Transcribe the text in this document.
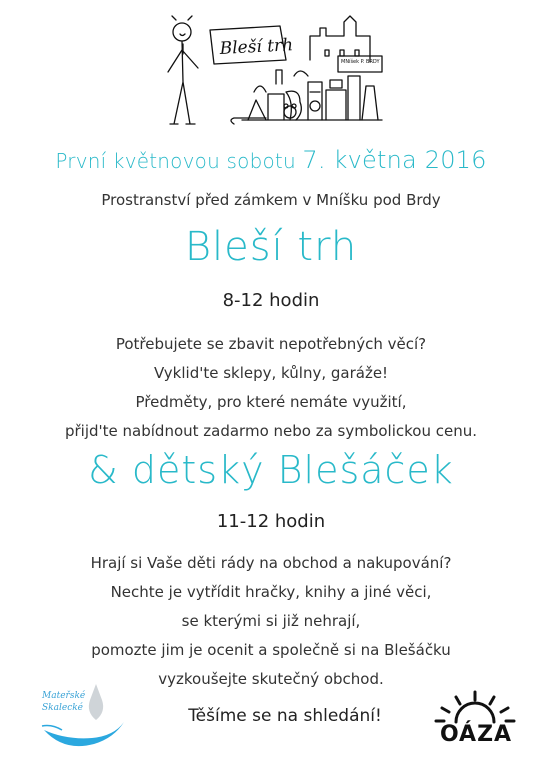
Bleší trh
MNíšek P. BRDY
První květnovou sobotu 7. května 2016
Prostranství před zámkem v Mníšku pod Brdy
Bleší trh
8-12 hodin
Potřebujete se zbavit nepotřebných věcí?
Vyklid'te sklepy, kůlny, garáže!
Předměty, pro které nemáte využití,
přijd'te nabídnout zadarmo nebo za symbolickou cenu.
& dětský Blešáček
11-12 hodin
Hrají si Vaše děti rády na obchod a nakupování?
Nechte je vytřídit hračky, knihy a jiné věci,
se kterými si již nehrají,
pomozte jim je ocenit a společně si na Blešáčku
vyzkoušejte skutečný obchod.
Mateřské
Skalecké	Těšíme se na shledání!
OÁZA
